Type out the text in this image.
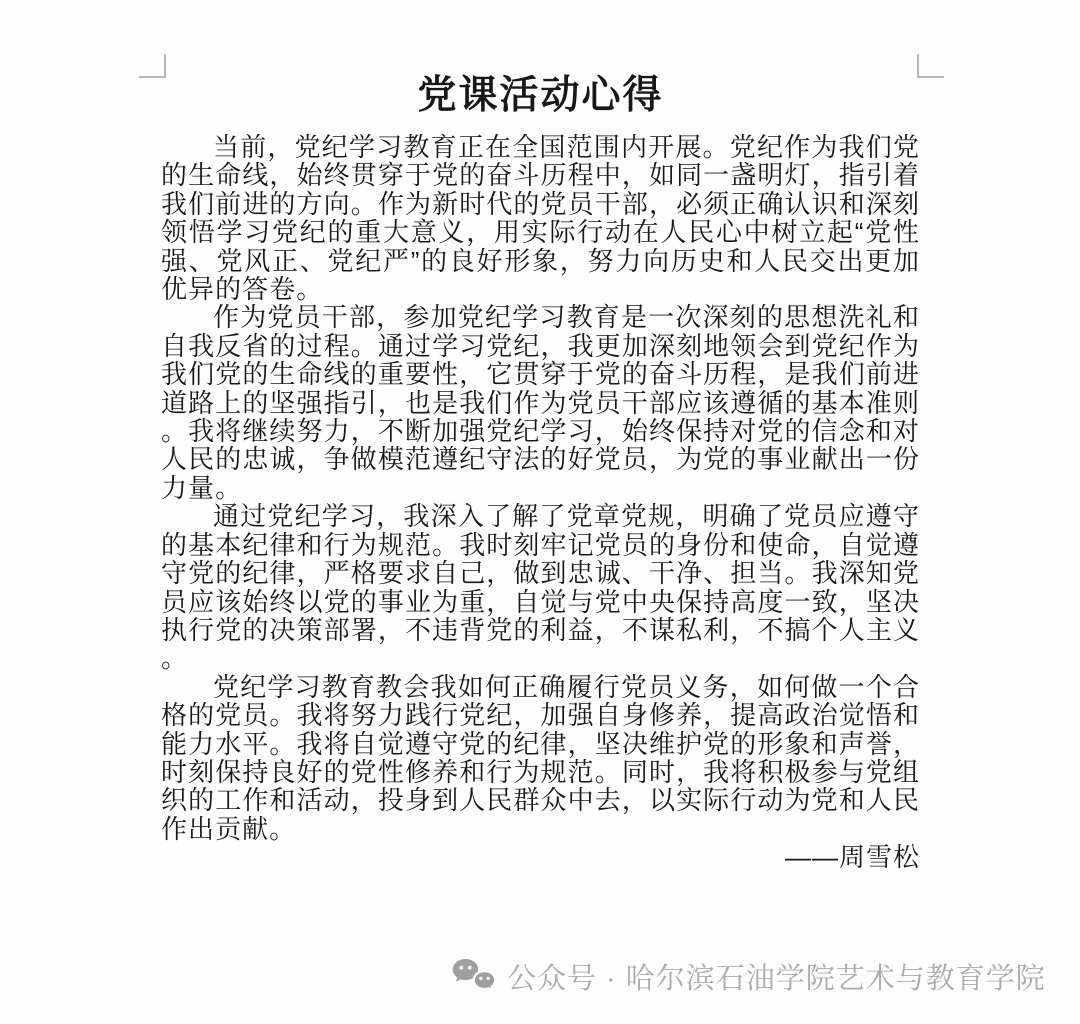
党课活动心得

当前，党纪学习教育正在全国范围内开展。党纪作为我们党的生命线，始终贯穿于党的奋斗历程中，如同一盏明灯，指引着我们前进的方向。作为新时代的党员干部，必须正确认识和深刻领悟学习党纪的重大意义，用实际行动在人民心中树立起“党性强、党风正、党纪严”的良好形象，努力向历史和人民交出更加优异的答卷。

作为党员干部，参加党纪学习教育是一次深刻的思想洗礼和自我反省的过程。通过学习党纪，我更加深刻地领会到党纪作为我们党的生命线的重要性，它贯穿于党的奋斗历程，是我们前进道路上的坚强指引，也是我们作为党员干部应该遵循的基本准则。我将继续努力，不断加强党纪学习，始终保持对党的信念和对人民的忠诚，争做模范遵纪守法的好党员，为党的事业献出一份力量。

通过党纪学习，我深入了解了党章党规，明确了党员应遵守的基本纪律和行为规范。我时刻牢记党员的身份和使命，自觉遵守党的纪律，严格要求自己，做到忠诚、干净、担当。我深知党员应该始终以党的事业为重，自觉与党中央保持高度一致，坚决执行党的决策部署，不违背党的利益，不谋私利，不搞个人主义。

党纪学习教育教会我如何正确履行党员义务，如何做一个合格的党员。我将努力践行党纪，加强自身修养，提高政治觉悟和能力水平。我将自觉遵守党的纪律，坚决维护党的形象和声誉，时刻保持良好的党性修养和行为规范。同时，我将积极参与党组织的工作和活动，投身到人民群众中去，以实际行动为党和人民作出贡献。

——周雪松
公众号 · 哈尔滨石油学院艺术与教育学院
